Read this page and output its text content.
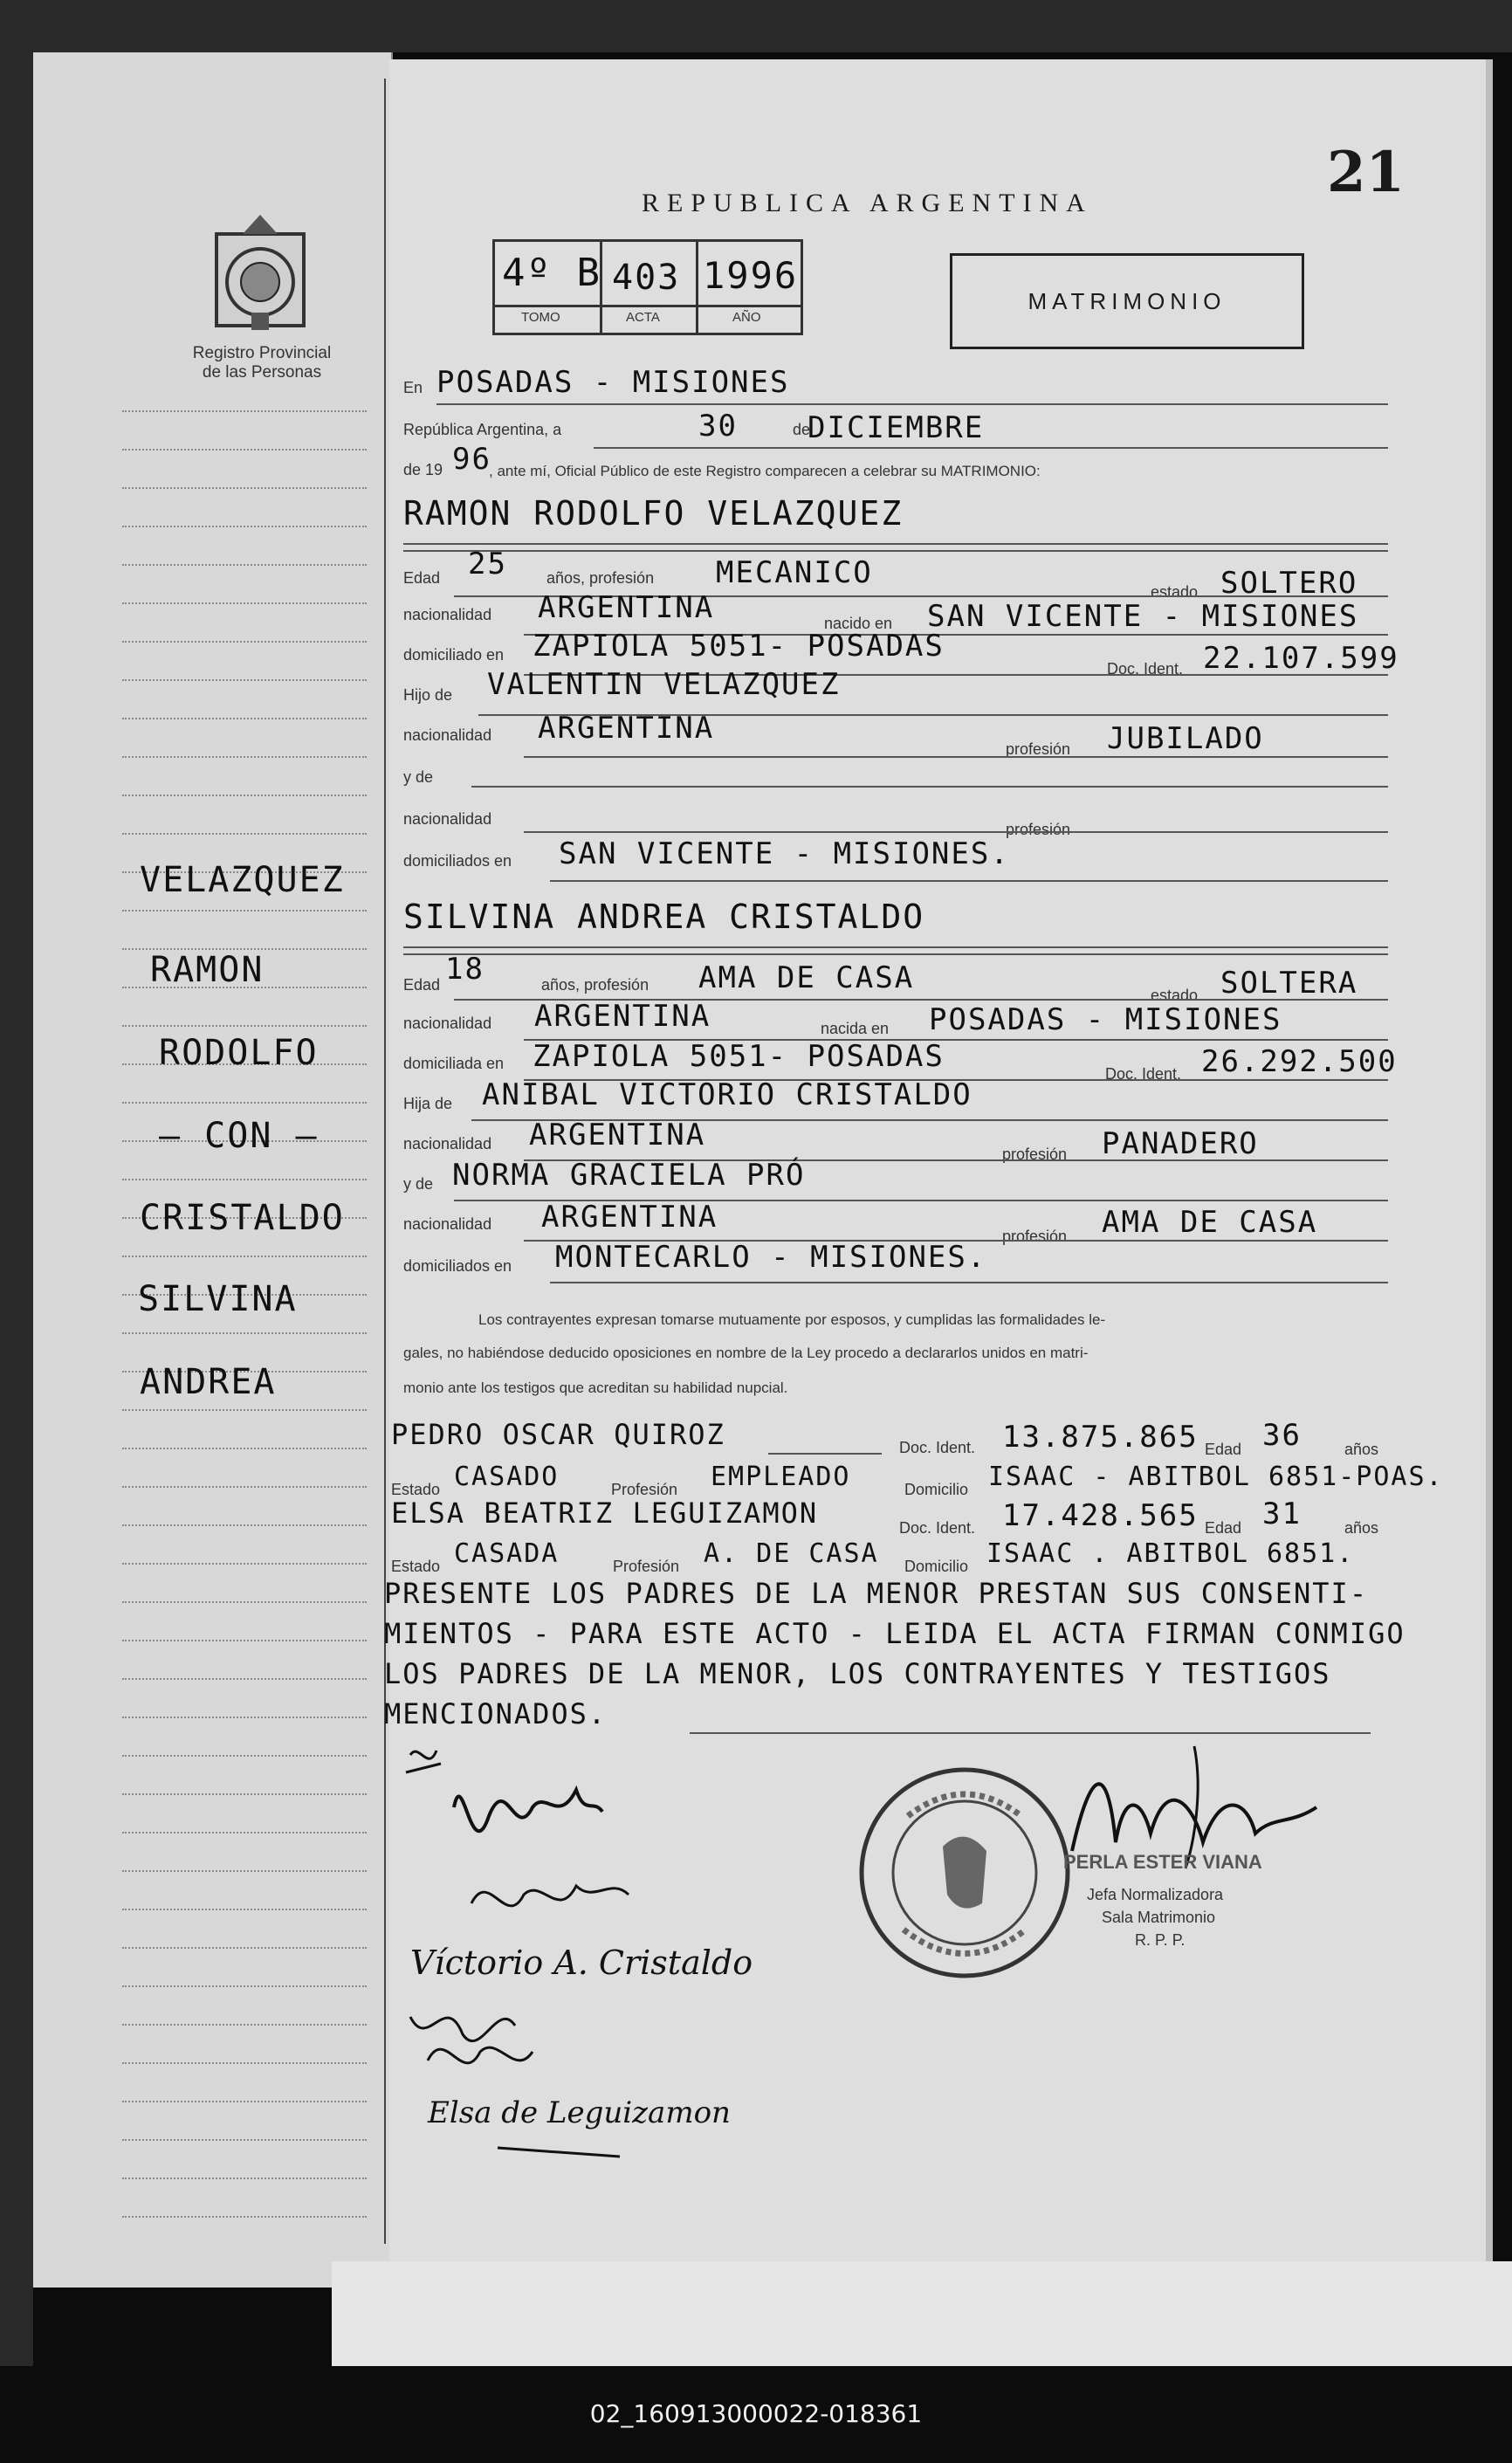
Registro Provincial
de las Personas
VELAZQUEZ
RAMON
RODOLFO
— CON —
CRISTALDO
SILVINA
ANDREA
21
REPUBLICA ARGENTINA
4º B 403 1996
TOMO	ACTA	AÑO
MATRIMONIO
En POSADAS - MISIONES
República Argentina, a	30	de
DICIEMBRE
de 19 96
, ante mí, Oficial Público de este Registro comparecen a celebrar su MATRIMONIO:
RAMON RODOLFO VELAZQUEZ
Edad 25	años, profesión MECANICO
estado SOLTERO
nacionalidad ARGENTINA	nacido en SAN VICENTE - MISIONES
domiciliado en ZAPIOLA 5051- POSADAS
Doc. Ident. 22.107.599
Hijo de VALENTIN VELAZQUEZ
nacionalidad ARGENTINA
profesión JUBILADO
y de
nacionalidad
profesión
domiciliados en SAN VICENTE - MISIONES.
SILVINA ANDREA CRISTALDO
Edad 18	años, profesión AMA DE CASA	estado SOLTERA
nacionalidad ARGENTINA	nacida en POSADAS - MISIONES
domiciliada en ZAPIOLA 5051- POSADAS	Doc. Ident. 26.292.500
Hija de ANIBAL VICTORIO CRISTALDO
nacionalidad ARGENTINA
profesión PANADERO
y de NORMA GRACIELA PRÓ
nacionalidad ARGENTINA
profesión AMA DE CASA
domiciliados en MONTECARLO - MISIONES.
Los contrayentes expresan tomarse mutuamente por esposos, y cumplidas las formalidades le-
gales, no habiéndose deducido oposiciones en nombre de la Ley procedo a declararlos unidos en matri-
monio ante los testigos que acreditan su habilidad nupcial.
PEDRO OSCAR QUIROZ	Doc. Ident. 13.875.865 Edad 36	años
Estado CASADO	Profesión EMPLEADO	Domicilio ISAAC - ABITBOL 6851-POAS.
ELSA BEATRIZ LEGUIZAMON	Doc. Ident. 17.428.565 Edad 31	años
Estado CASADA	Profesión A. DE CASA Domicilio ISAAC . ABITBOL 6851.
PRESENTE LOS PADRES DE LA MENOR PRESTAN SUS CONSENTI-
MIENTOS - PARA ESTE ACTO - LEIDA EL ACTA FIRMAN CONMIGO
LOS PADRES DE LA MENOR, LOS CONTRAYENTES Y TESTIGOS
MENCIONADOS.
PERLA ESTER VIANA
Jefa Normalizadora
Sala Matrimonio
R. P. P.
Víctorio A. Cristaldo
Elsa de Leguizamon
02_160913000022-018361
